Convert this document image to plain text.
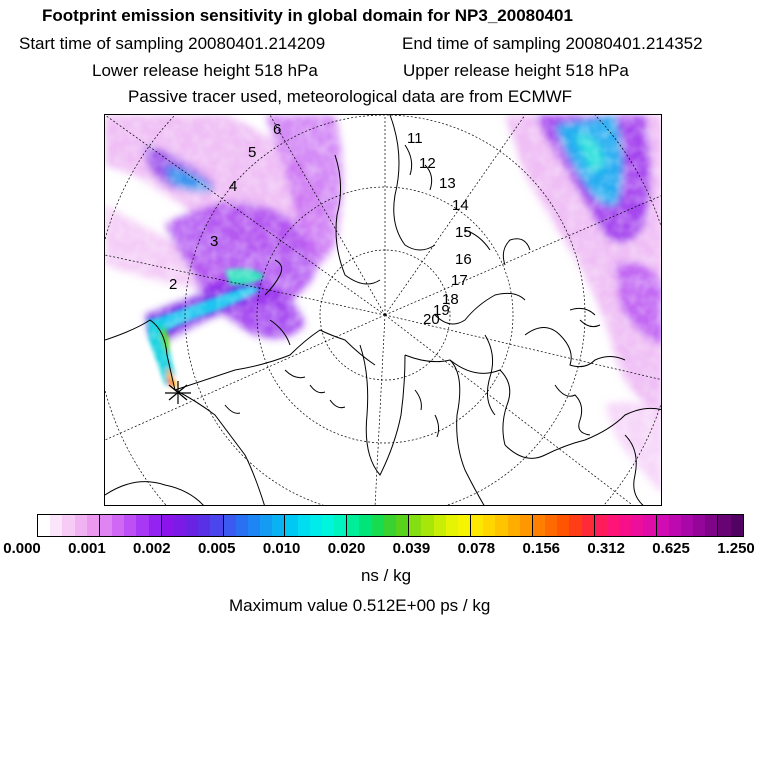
Footprint emission sensitivity in global domain for NP3_20080401
Start time of sampling 20080401.214209	End time of sampling 20080401.214352
Lower release height 518 hPa	Upper release height 518 hPa
Passive tracer used, meteorological data are from ECMWF
2
3
4
5
6
11
12
13
14
15
16
17
18
19
20
0.000 0.001 0.002 0.005 0.010 0.020 0.039 0.078 0.156 0.312 0.625 1.250
ns / kg
Maximum value 0.512E+00 ps / kg
